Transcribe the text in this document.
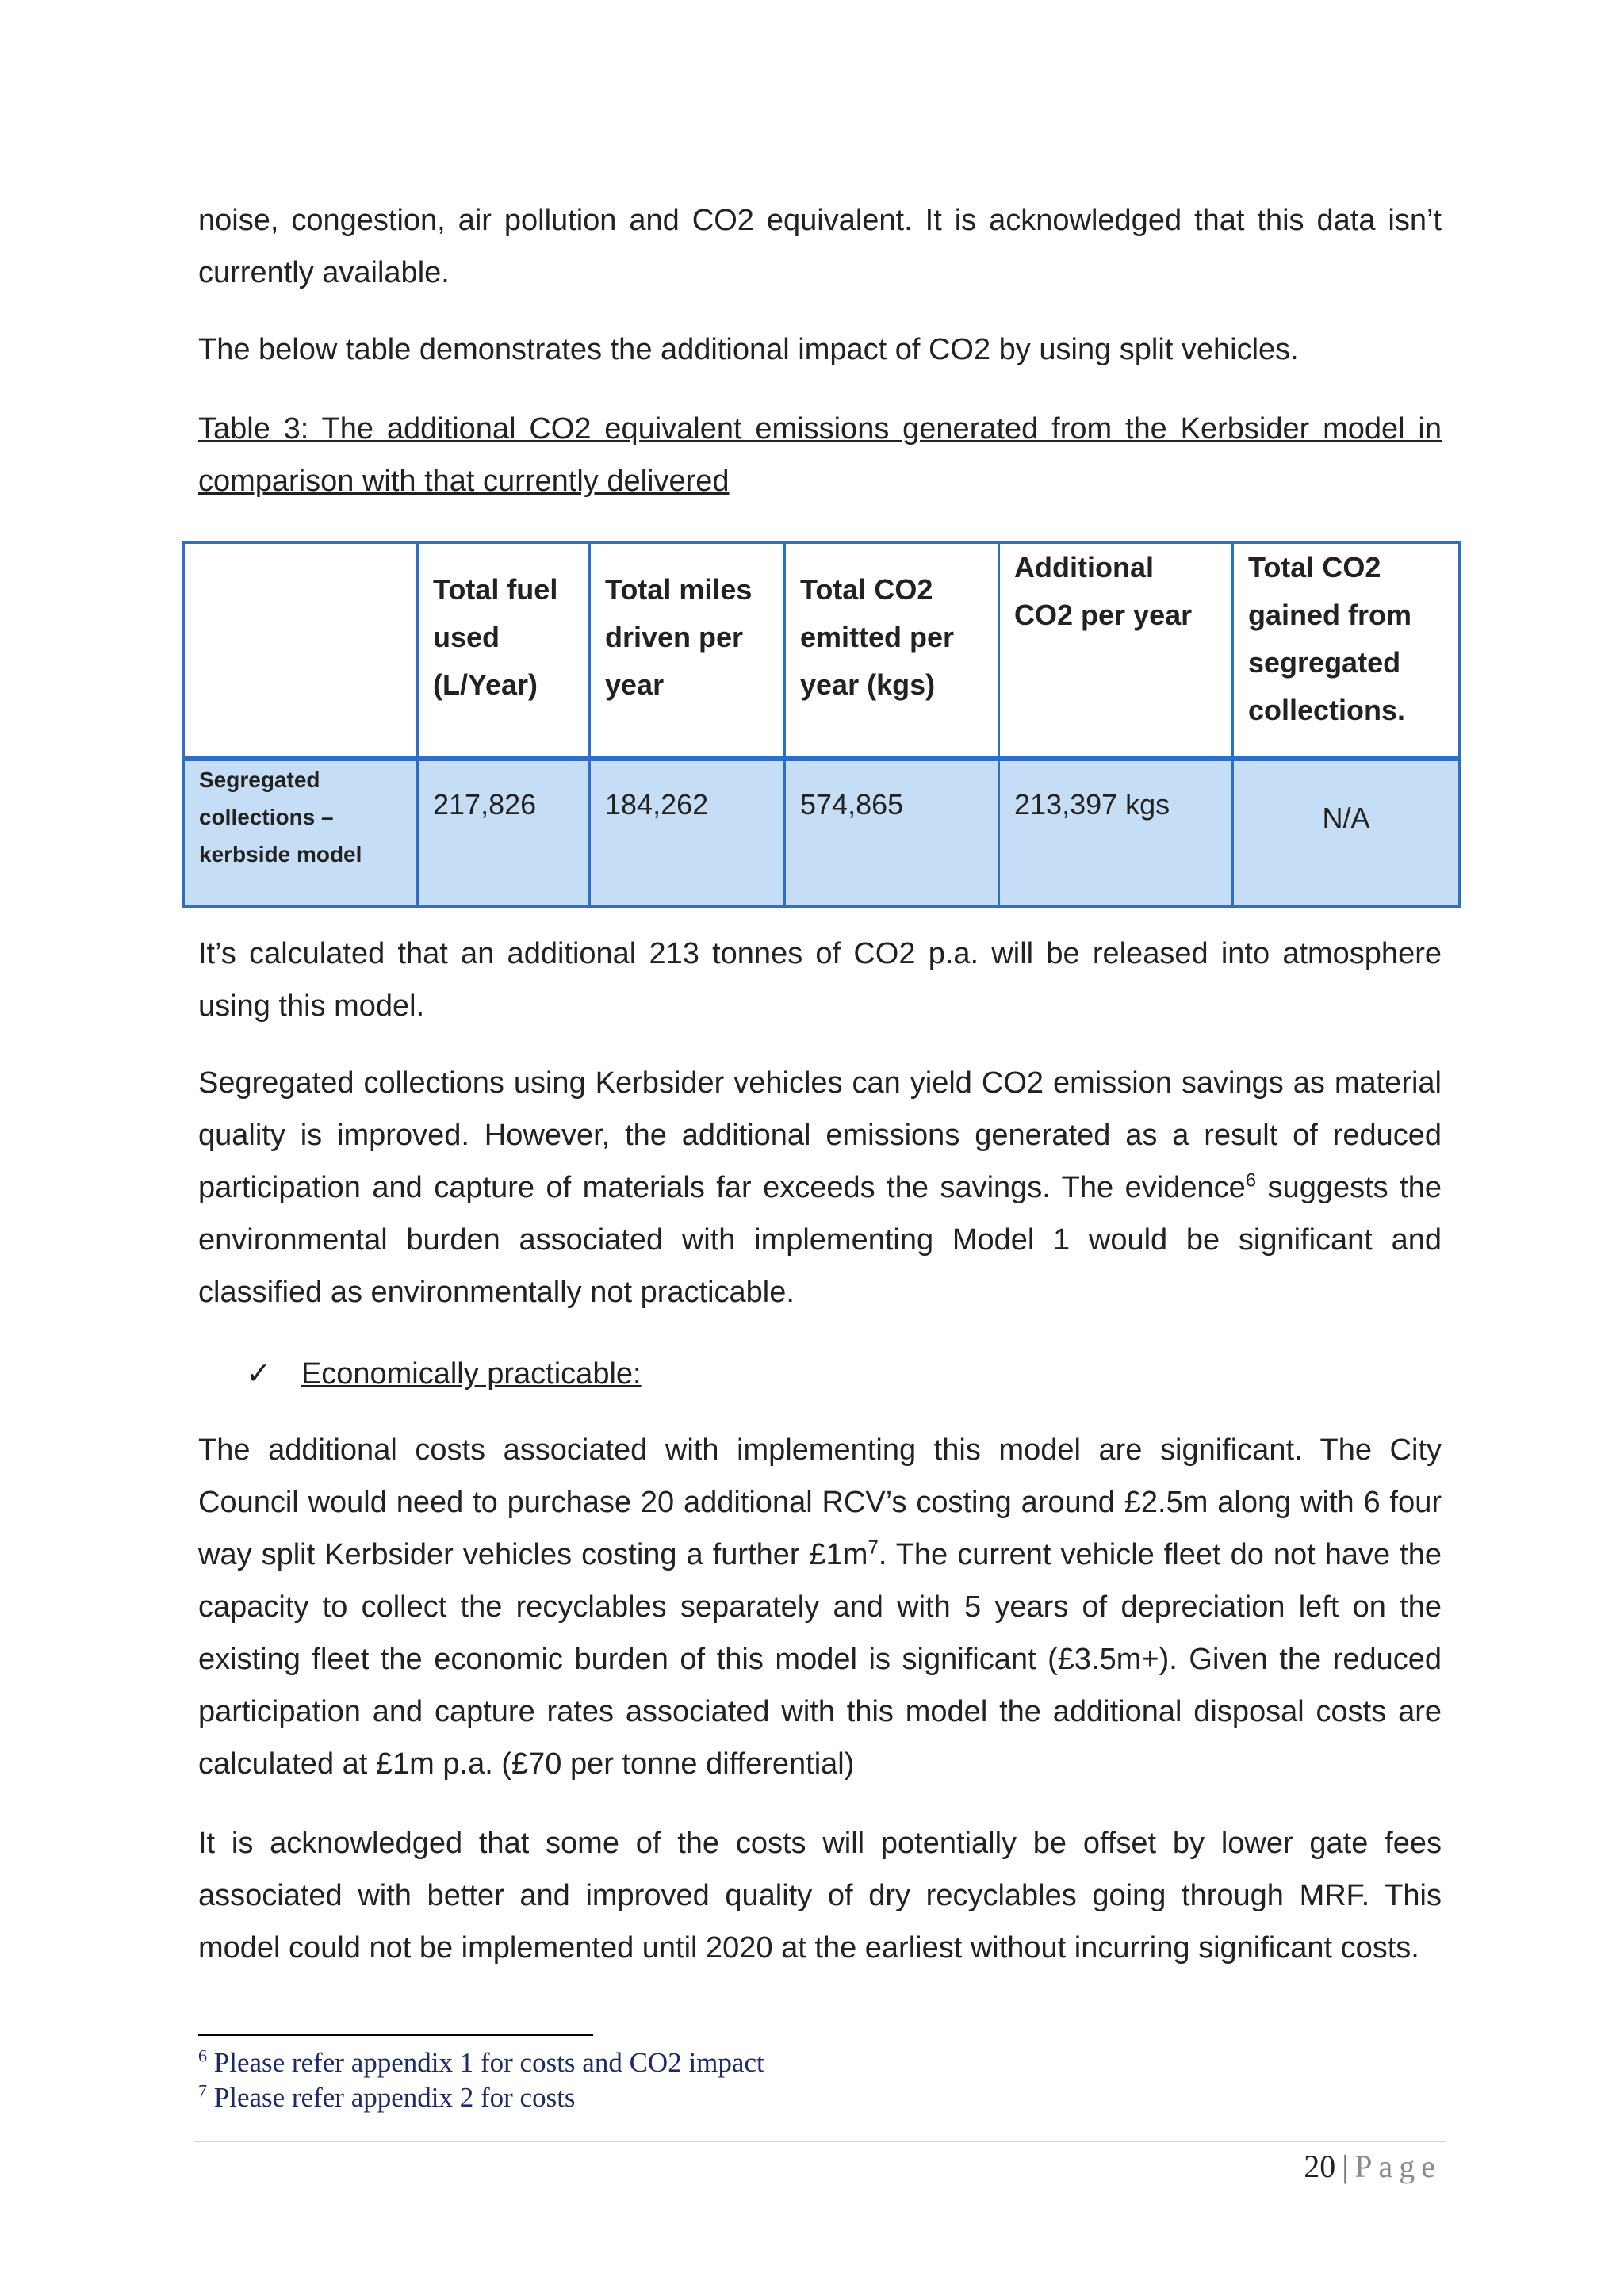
noise, congestion, air pollution and CO2 equivalent. It is acknowledged that this data isn’t currently available.

The below table demonstrates the additional impact of CO2 by using split vehicles.

Table 3: The additional CO2 equivalent emissions generated from the Kerbsider model in comparison with that currently delivered

	Total fuel used (L/Year)	Total miles driven per year	Total CO2 emitted per year (kgs)	Additional CO2 per year	Total CO2 gained from segregated collections.
Segregated collections – kerbside model	217,826	184,262	574,865	213,397 kgs	N/A

It’s calculated that an additional 213 tonnes of CO2 p.a. will be released into atmosphere using this model.

Segregated collections using Kerbsider vehicles can yield CO2 emission savings as material quality is improved. However, the additional emissions generated as a result of reduced participation and capture of materials far exceeds the savings. The evidence$^6$ suggests the environmental burden associated with implementing Model 1 would be significant and classified as environmentally not practicable.

✓ Economically practicable:

The additional costs associated with implementing this model are significant. The City Council would need to purchase 20 additional RCV’s costing around £2.5m along with 6 four way split Kerbsider vehicles costing a further $£1m^7$. The current vehicle fleet do not have the capacity to collect the recyclables separately and with 5 years of depreciation left on the existing fleet the economic burden of this model is significant (£3.5m+). Given the reduced participation and capture rates associated with this model the additional disposal costs are calculated at £1m p.a. (£70 per tonne differential)

It is acknowledged that some of the costs will potentially be offset by lower gate fees associated with better and improved quality of dry recyclables going through MRF. This model could not be implemented until 2020 at the earliest without incurring significant costs.

$^6$ Please refer appendix 1 for costs and CO2 impact
$^7$ Please refer appendix 2 for costs
20 | Page
